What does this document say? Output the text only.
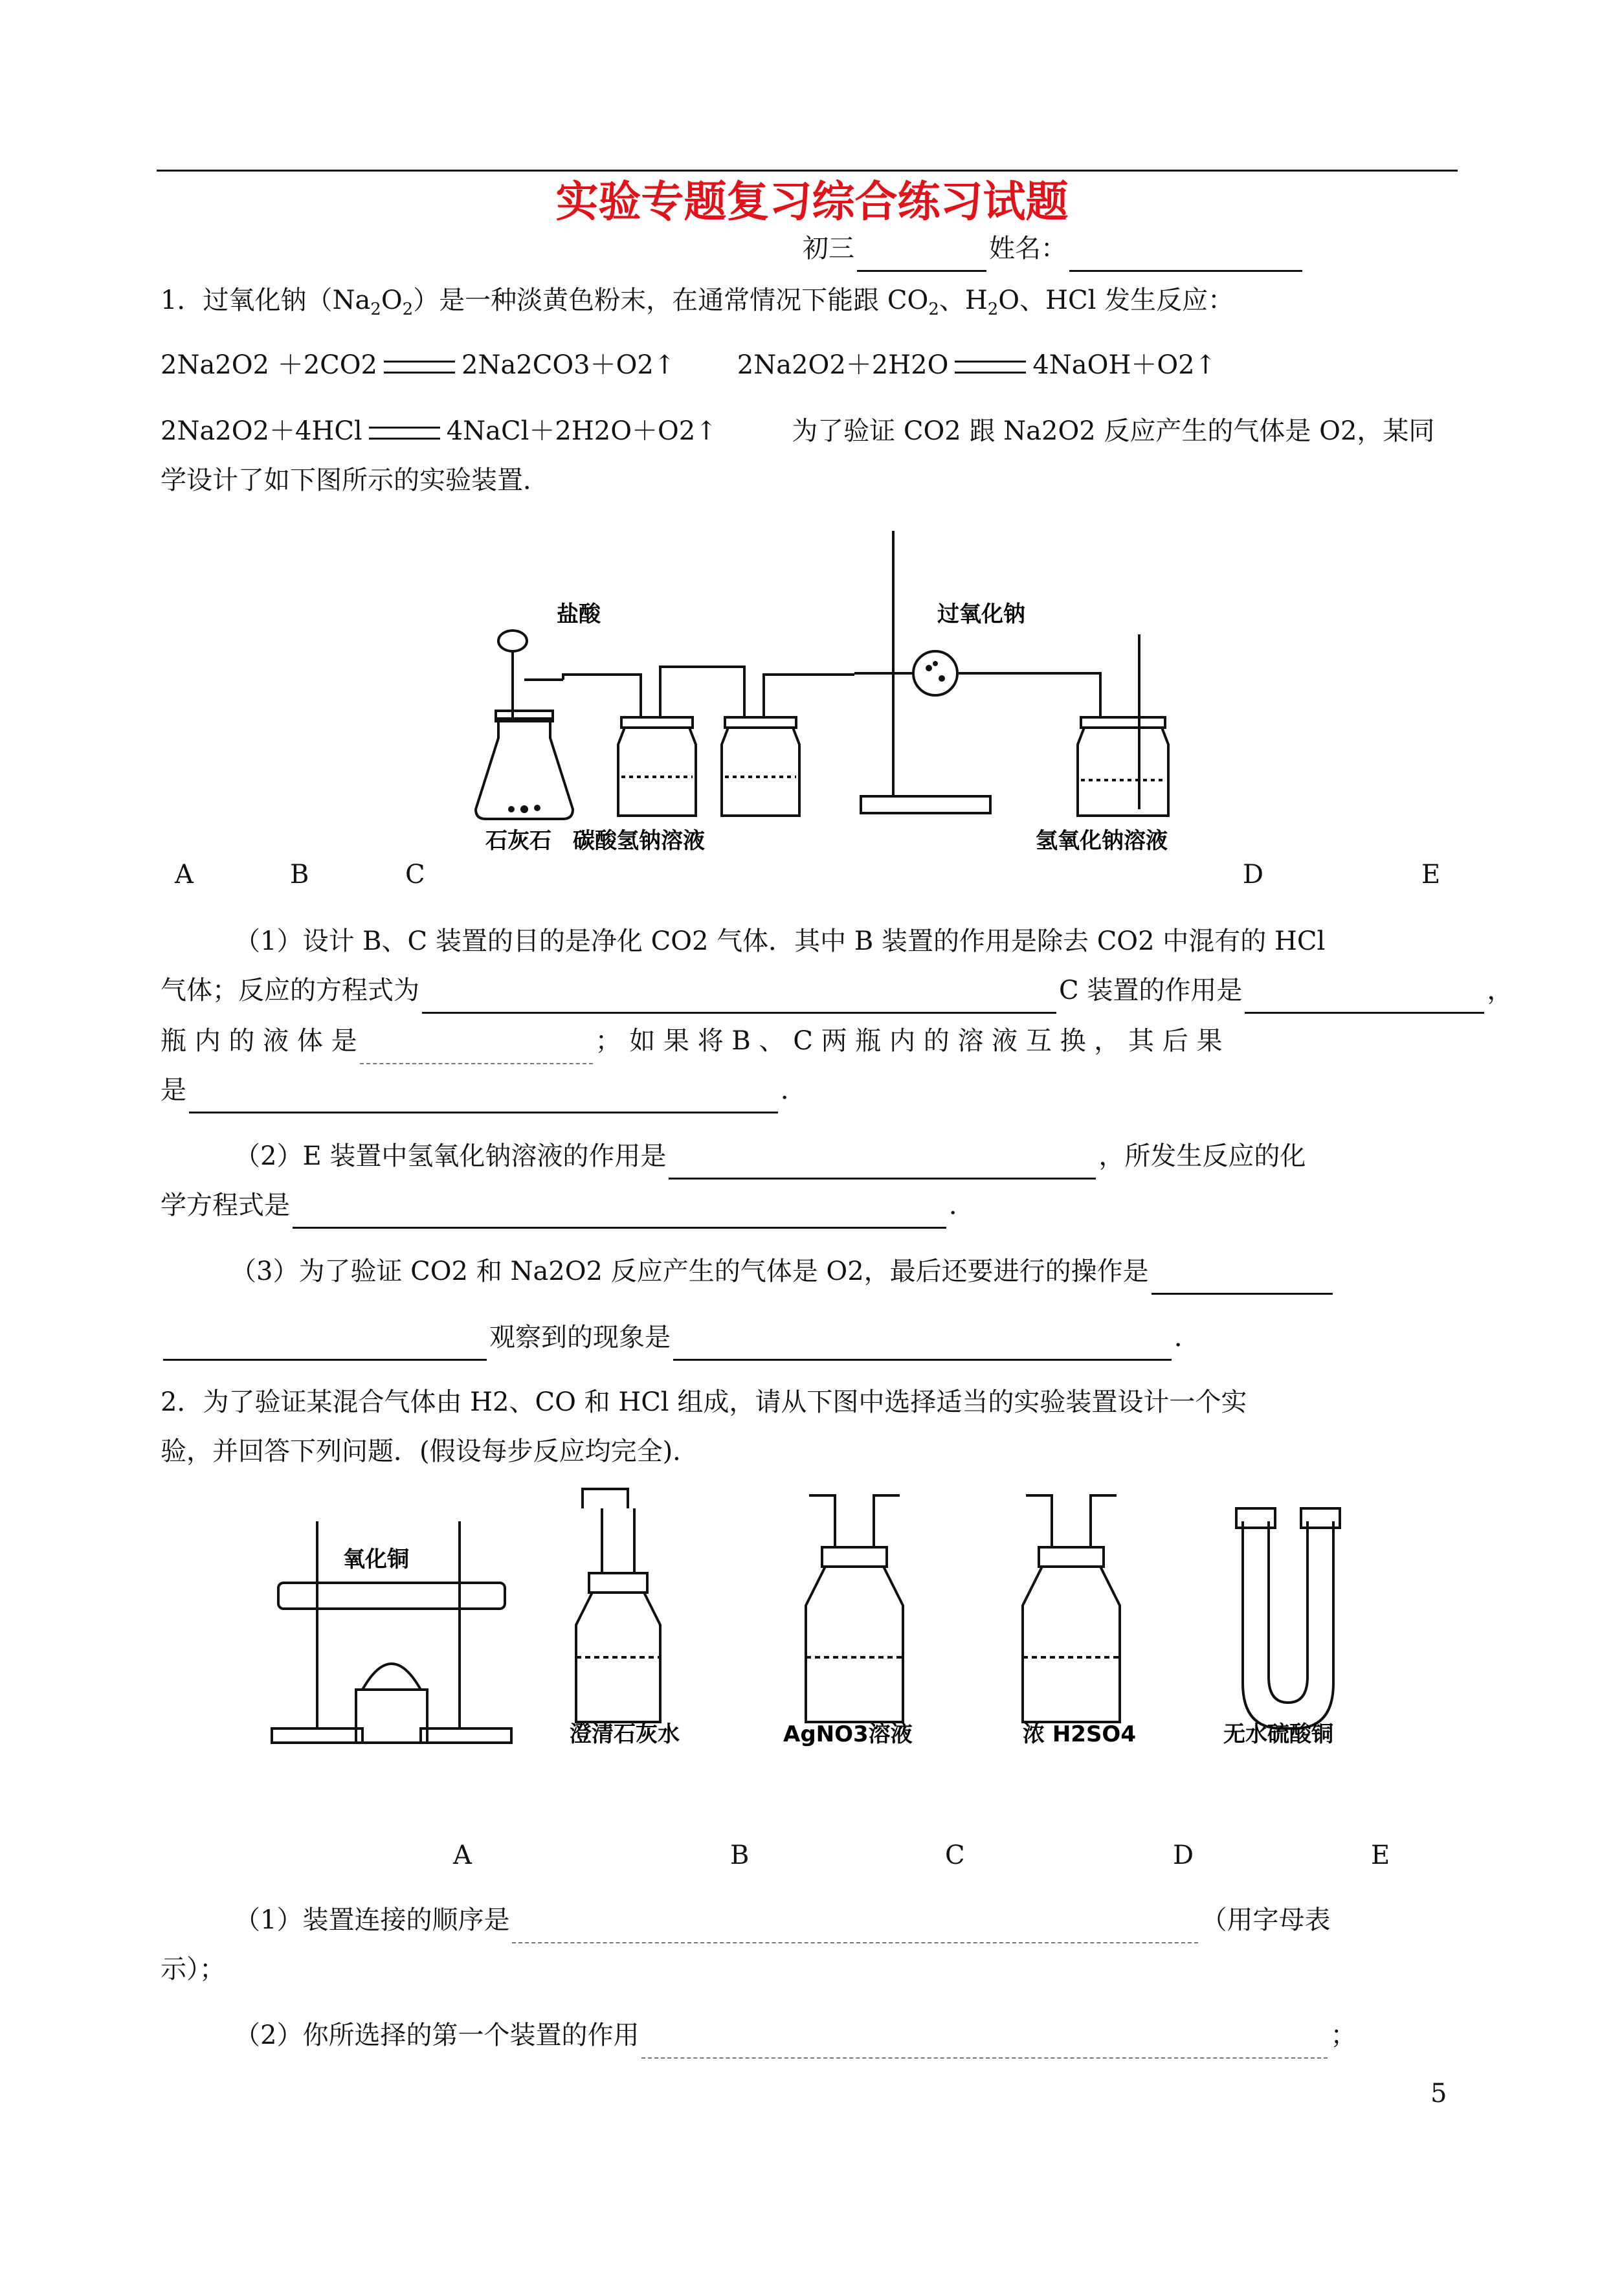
实验专题复习综合练习试题
初三	姓名：
1．过氧化钠$(Na_2O_2)$是一种淡黄色粉末，在通常情况下能跟 $CO_2$、$H_2O$、HCl 发生反应：
2Na2O2 ＋2CO2	2Na2CO3＋O2↑ 2Na2O2＋2H2O	4NaOH＋O2↑
2Na2O2＋4HCl	4NaCl＋2H2O＋O2↑	为了验证 CO2 跟 Na2O2 反应产生的气体是 O2，某同
学设计了如下图所示的实验装置．
盐酸	过氧化钠
石灰石 碳酸氢钠溶液	氢氧化钠溶液
A	B	C	D	E
（1）设计 B、C 装置的目的是净化 CO2 气体．其中 B 装置的作用是除去 CO2 中混有的 HCl
气体；反应的方程式为	C 装置的作用是	，
瓶 内 的 液 体 是	； 如 果 将 B 、 C 两 瓶 内 的 溶 液 互 换 ， 其 后 果
是	．
（2）E 装置中氢氧化钠溶液的作用是	，所发生反应的化
学方程式是	．
（3）为了验证 CO2 和 Na2O2 反应产生的气体是 O2，最后还要进行的操作是
观察到的现象是	．
2．为了验证某混合气体由 H2、CO 和 HCl 组成，请从下图中选择适当的实验装置设计一个实
验，并回答下列问题．(假设每步反应均完全)．
氧化铜
澄清石灰水	AgNO3溶液	浓 H2SO4	无水硫酸铜
A	B	C	D	E
（1）装置连接的顺序是	（用字母表
示）；
（2）你所选择的第一个装置的作用	；
5
